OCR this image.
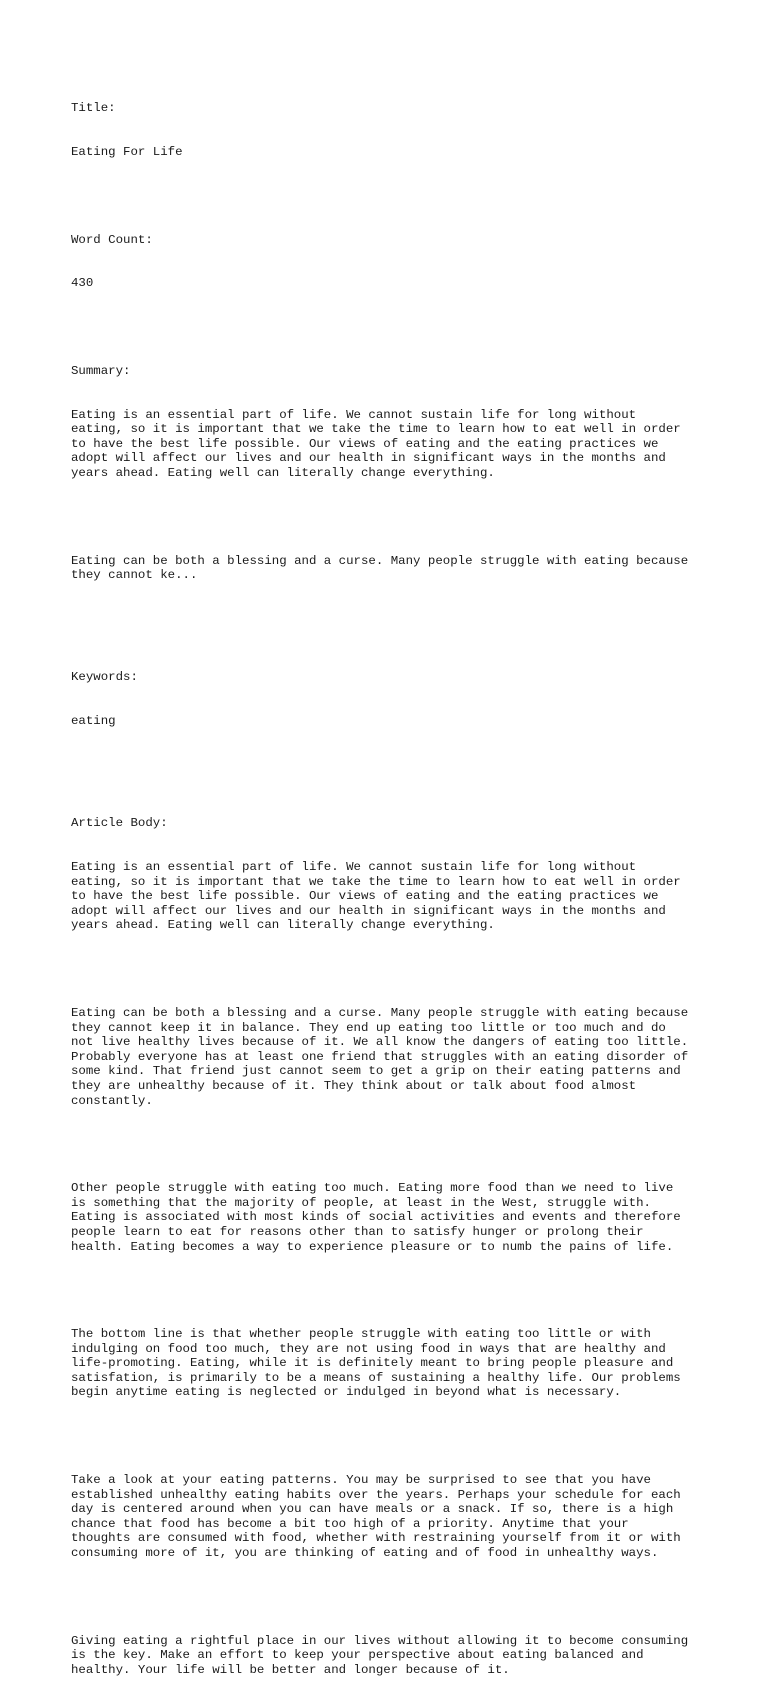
Title:

Eating For Life

Word Count:

430

Summary:

Eating is an essential part of life. We cannot sustain life for long without
eating, so it is important that we take the time to learn how to eat well in order
to have the best life possible. Our views of eating and the eating practices we
adopt will affect our lives and our health in significant ways in the months and
years ahead. Eating well can literally change everything.

Eating can be both a blessing and a curse. Many people struggle with eating because
they cannot ke...

Keywords:

eating

Article Body:

Eating is an essential part of life. We cannot sustain life for long without
eating, so it is important that we take the time to learn how to eat well in order
to have the best life possible. Our views of eating and the eating practices we
adopt will affect our lives and our health in significant ways in the months and
years ahead. Eating well can literally change everything.

Eating can be both a blessing and a curse. Many people struggle with eating because
they cannot keep it in balance. They end up eating too little or too much and do
not live healthy lives because of it. We all know the dangers of eating too little.
Probably everyone has at least one friend that struggles with an eating disorder of
some kind. That friend just cannot seem to get a grip on their eating patterns and
they are unhealthy because of it. They think about or talk about food almost
constantly.

Other people struggle with eating too much. Eating more food than we need to live
is something that the majority of people, at least in the West, struggle with.
Eating is associated with most kinds of social activities and events and therefore
people learn to eat for reasons other than to satisfy hunger or prolong their
health. Eating becomes a way to experience pleasure or to numb the pains of life.

The bottom line is that whether people struggle with eating too little or with
indulging on food too much, they are not using food in ways that are healthy and
life-promoting. Eating, while it is definitely meant to bring people pleasure and
satisfation, is primarily to be a means of sustaining a healthy life. Our problems
begin anytime eating is neglected or indulged in beyond what is necessary.

Take a look at your eating patterns. You may be surprised to see that you have
established unhealthy eating habits over the years. Perhaps your schedule for each
day is centered around when you can have meals or a snack. If so, there is a high
chance that food has become a bit too high of a priority. Anytime that your
thoughts are consumed with food, whether with restraining yourself from it or with
consuming more of it, you are thinking of eating and of food in unhealthy ways.

Giving eating a rightful place in our lives without allowing it to become consuming
is the key. Make an effort to keep your perspective about eating balanced and
healthy. Your life will be better and longer because of it.
